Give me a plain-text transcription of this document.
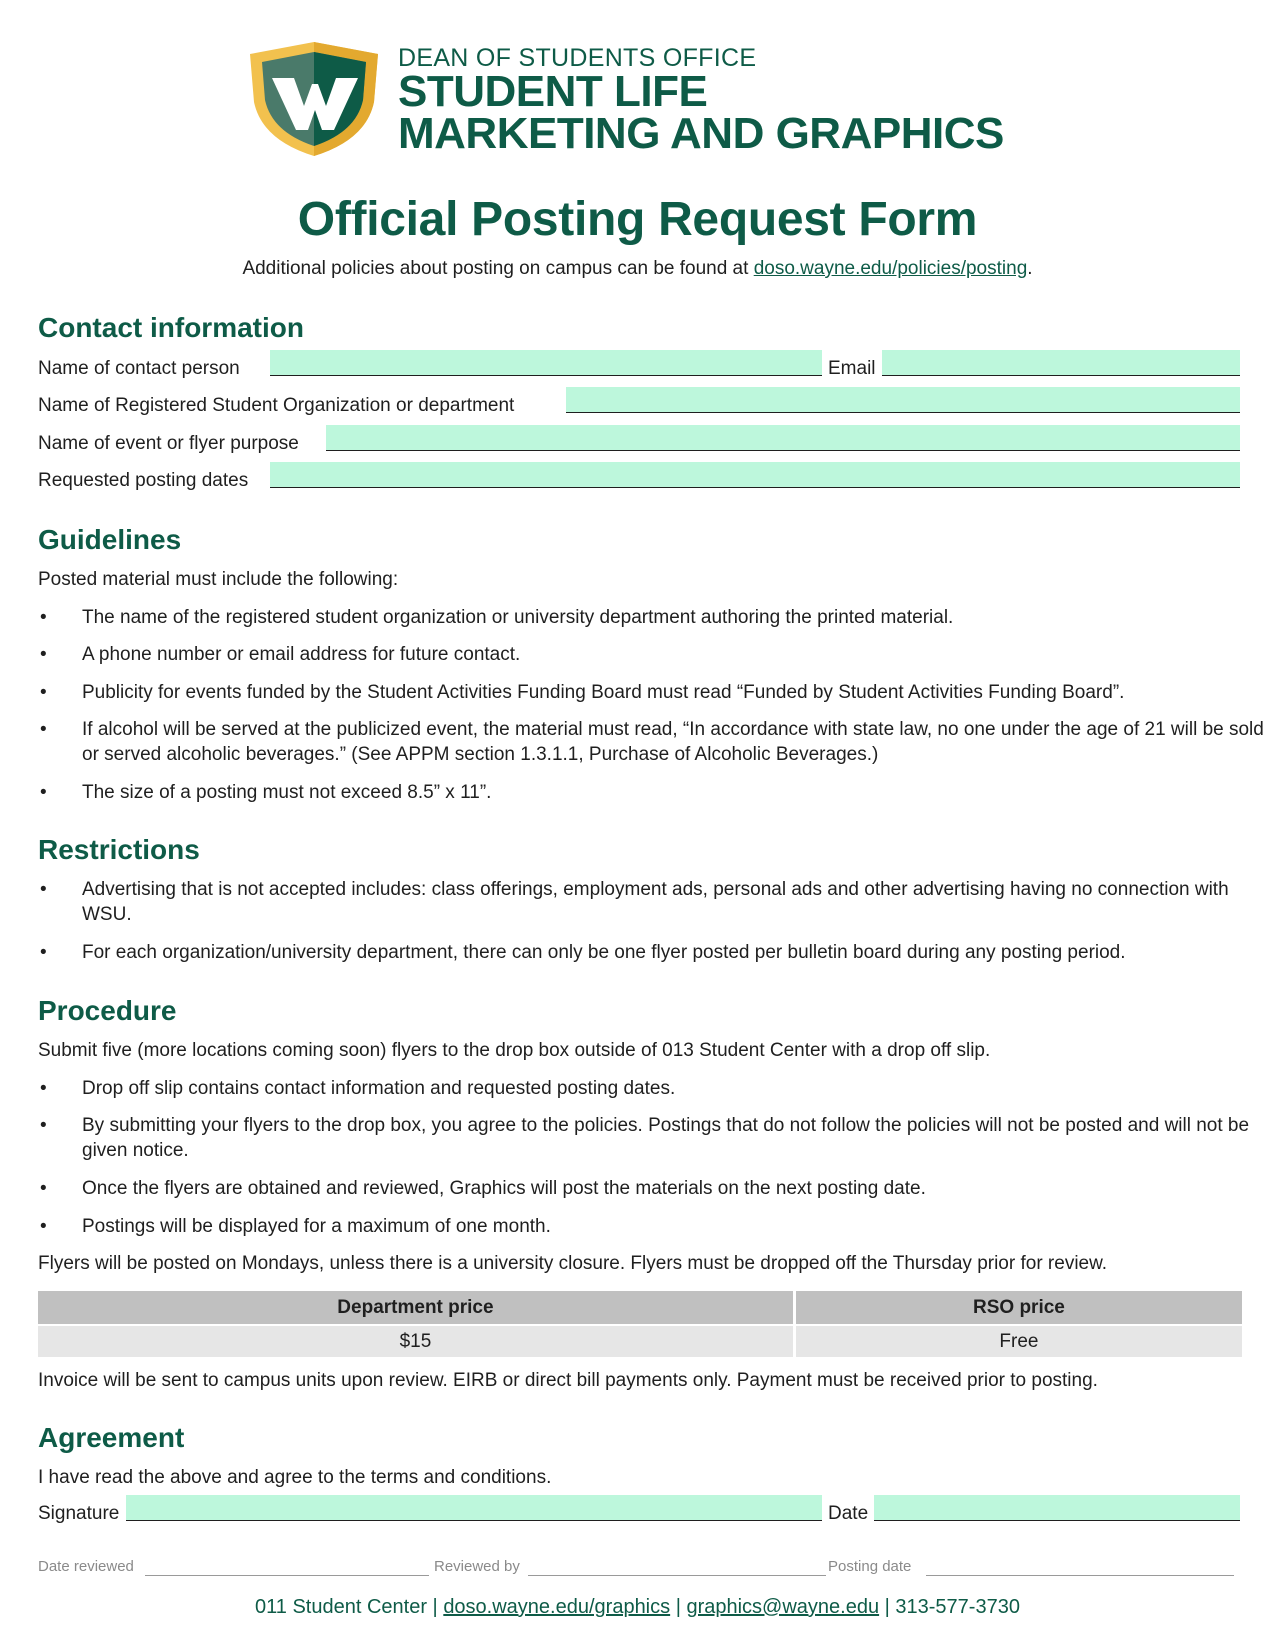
DEAN OF STUDENTS OFFICE
STUDENT LIFE
MARKETING AND GRAPHICS
Official Posting Request Form
Additional policies about posting on campus can be found at doso.wayne.edu/policies/posting.
Contact information
Name of contact person	Email
Name of Registered Student Organization or department
Name of event or flyer purpose
Requested posting dates
Guidelines
Posted material must include the following:
• The name of the registered student organization or university department authoring the printed material.
• A phone number or email address for future contact.
• Publicity for events funded by the Student Activities Funding Board must read “Funded by Student Activities Funding Board”.
• If alcohol will be served at the publicized event, the material must read, “In accordance with state law, no one under the age of 21 will be sold or served alcoholic beverages.” (See APPM section 1.3.1.1, Purchase of Alcoholic Beverages.)
• The size of a posting must not exceed 8.5” x 11”.
Restrictions
• Advertising that is not accepted includes: class offerings, employment ads, personal ads and other advertising having no connection with WSU.
• For each organization/university department, there can only be one flyer posted per bulletin board during any posting period.
Procedure
Submit five (more locations coming soon) flyers to the drop box outside of 013 Student Center with a drop off slip.
• Drop off slip contains contact information and requested posting dates.
• By submitting your flyers to the drop box, you agree to the policies. Postings that do not follow the policies will not be posted and will not be given notice.
• Once the flyers are obtained and reviewed, Graphics will post the materials on the next posting date.
• Postings will be displayed for a maximum of one month.
Flyers will be posted on Mondays, unless there is a university closure. Flyers must be dropped off the Thursday prior for review.
Department price	RSO price
$15	Free
Invoice will be sent to campus units upon review. EIRB or direct bill payments only. Payment must be received prior to posting.
Agreement
I have read the above and agree to the terms and conditions.
Signature	Date
Date reviewed	Reviewed by	Posting date
011 Student Center | doso.wayne.edu/graphics | graphics@wayne.edu | 313-577-3730
